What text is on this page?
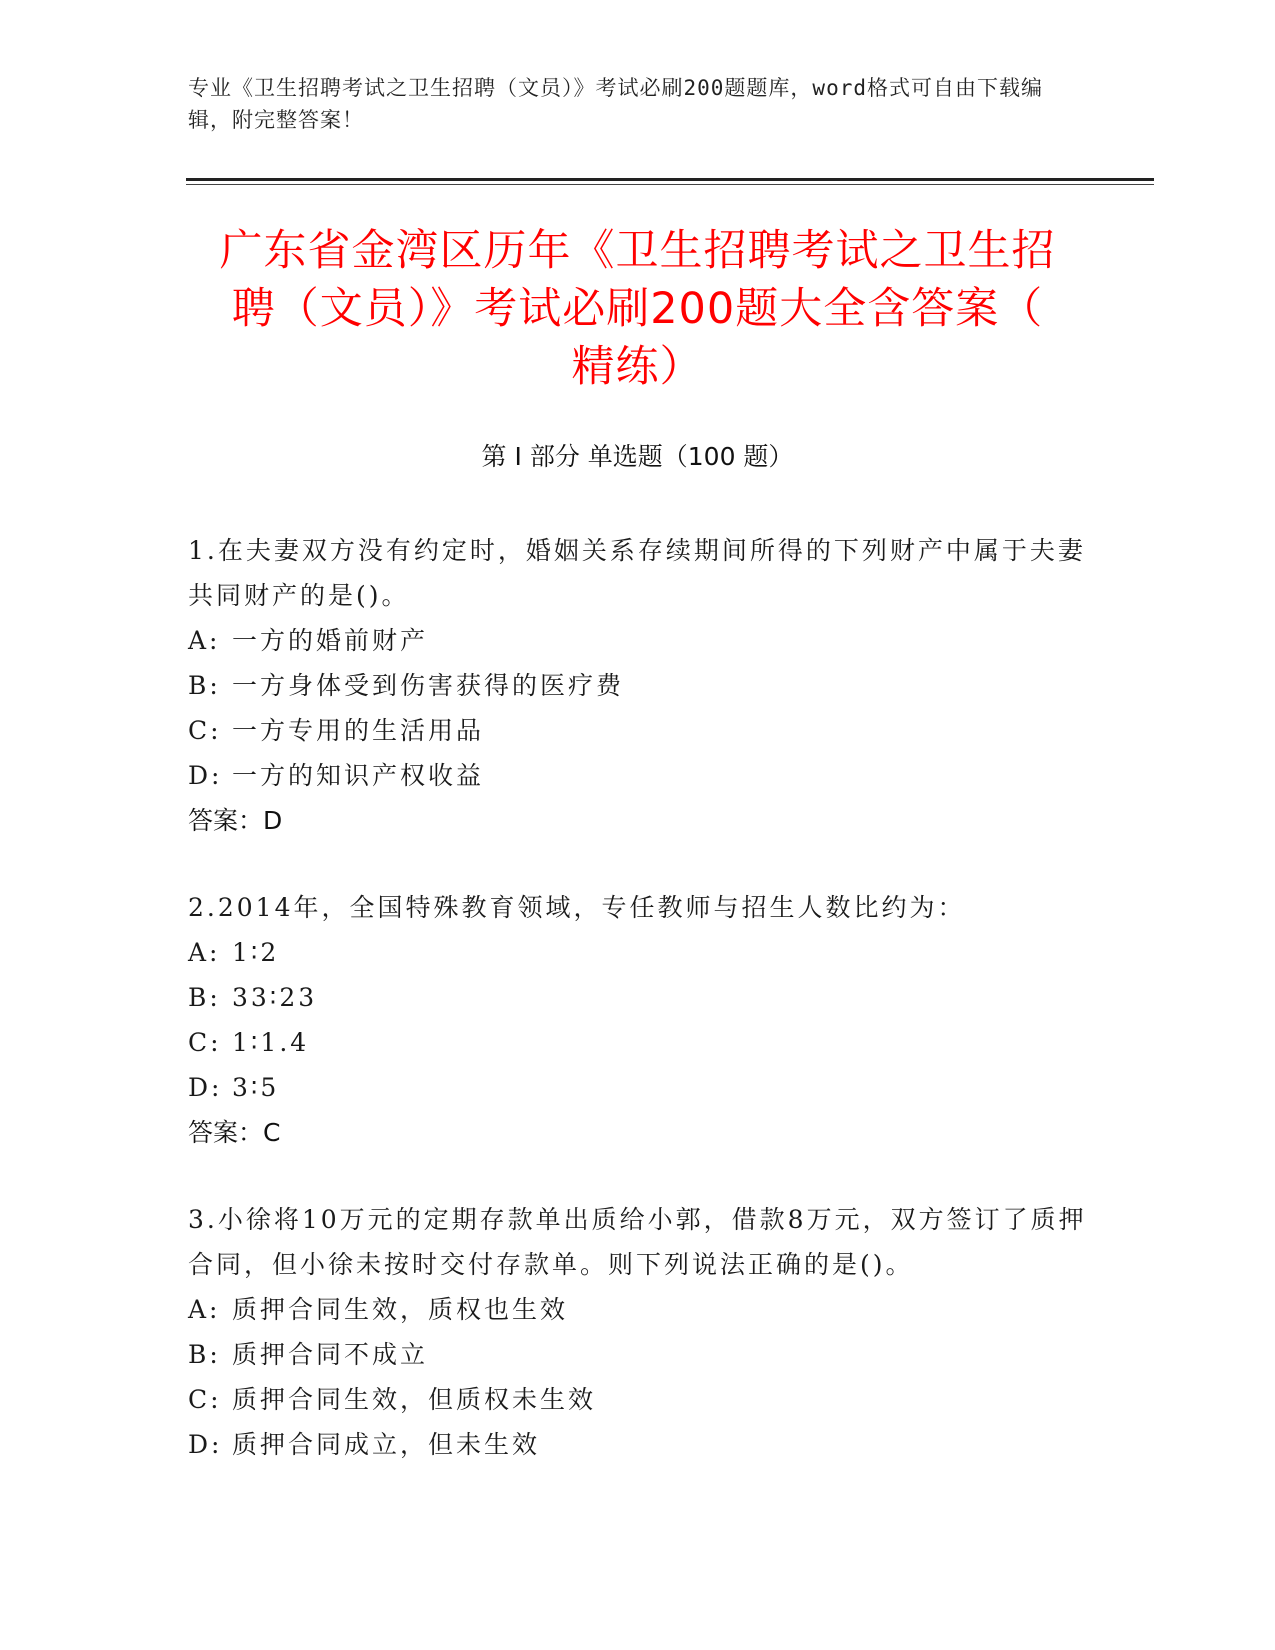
专业《卫生招聘考试之卫生招聘（文员）》考试必刷200题题库，word格式可自由下载编辑，附完整答案！
广东省金湾区历年《卫生招聘考试之卫生招
聘（文员）》考试必刷200题大全含答案（
精练）
第 I 部分 单选题（100 题）

1.在夫妻双方没有约定时，婚姻关系存续期间所得的下列财产中属于夫妻共同财产的是()。

A: 一方的婚前财产

B: 一方身体受到伤害获得的医疗费

C: 一方专用的生活用品

D: 一方的知识产权收益

答案：D

2.2014年，全国特殊教育领域，专任教师与招生人数比约为：

A: 1∶2

B: 33∶23

C: 1∶1.4

D: 3∶5

答案：C

3.小徐将10万元的定期存款单出质给小郭，借款8万元，双方签订了质押合同，但小徐未按时交付存款单。则下列说法正确的是()。

A: 质押合同生效，质权也生效

B: 质押合同不成立

C: 质押合同生效，但质权未生效

D: 质押合同成立，但未生效
